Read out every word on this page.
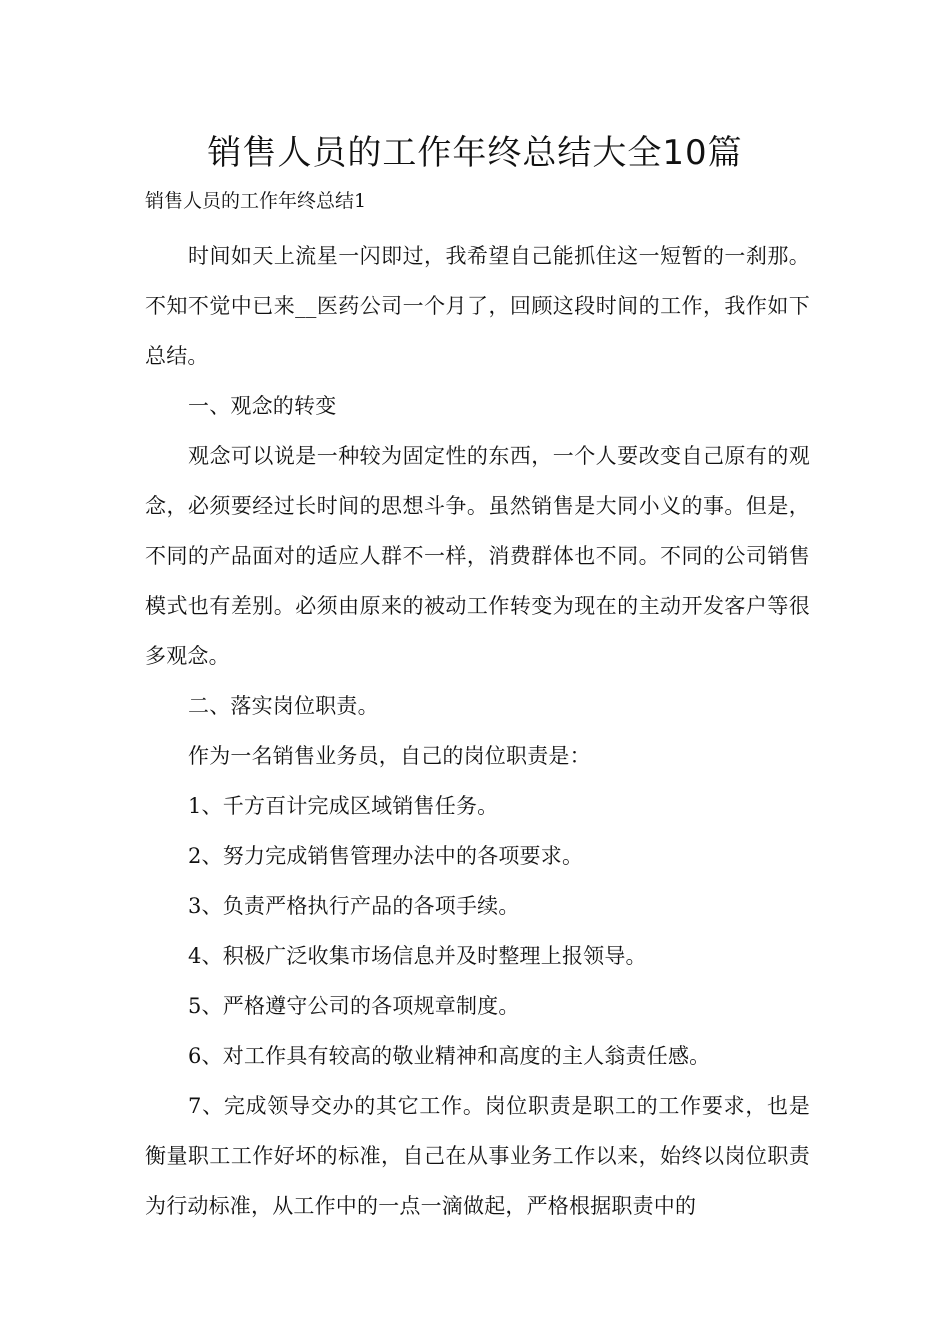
销售人员的工作年终总结大全10篇
销售人员的工作年终总结1

时间如天上流星一闪即过，我希望自己能抓住这一短暂的一刹那。不知不觉中已来__医药公司一个月了，回顾这段时间的工作，我作如下总结。

一、观念的转变

观念可以说是一种较为固定性的东西，一个人要改变自己原有的观念，必须要经过长时间的思想斗争。虽然销售是大同小义的事。但是，不同的产品面对的适应人群不一样，消费群体也不同。不同的公司销售模式也有差别。必须由原来的被动工作转变为现在的主动开发客户等很多观念。

二、落实岗位职责。

作为一名销售业务员，自己的岗位职责是：

1、千方百计完成区域销售任务。

2、努力完成销售管理办法中的各项要求。

3、负责严格执行产品的各项手续。

4、积极广泛收集市场信息并及时整理上报领导。

5、严格遵守公司的各项规章制度。

6、对工作具有较高的敬业精神和高度的主人翁责任感。

7、完成领导交办的其它工作。岗位职责是职工的工作要求，也是衡量职工工作好坏的标准，自己在从事业务工作以来，始终以岗位职责为行动标准，从工作中的一点一滴做起，严格根据职责中的
